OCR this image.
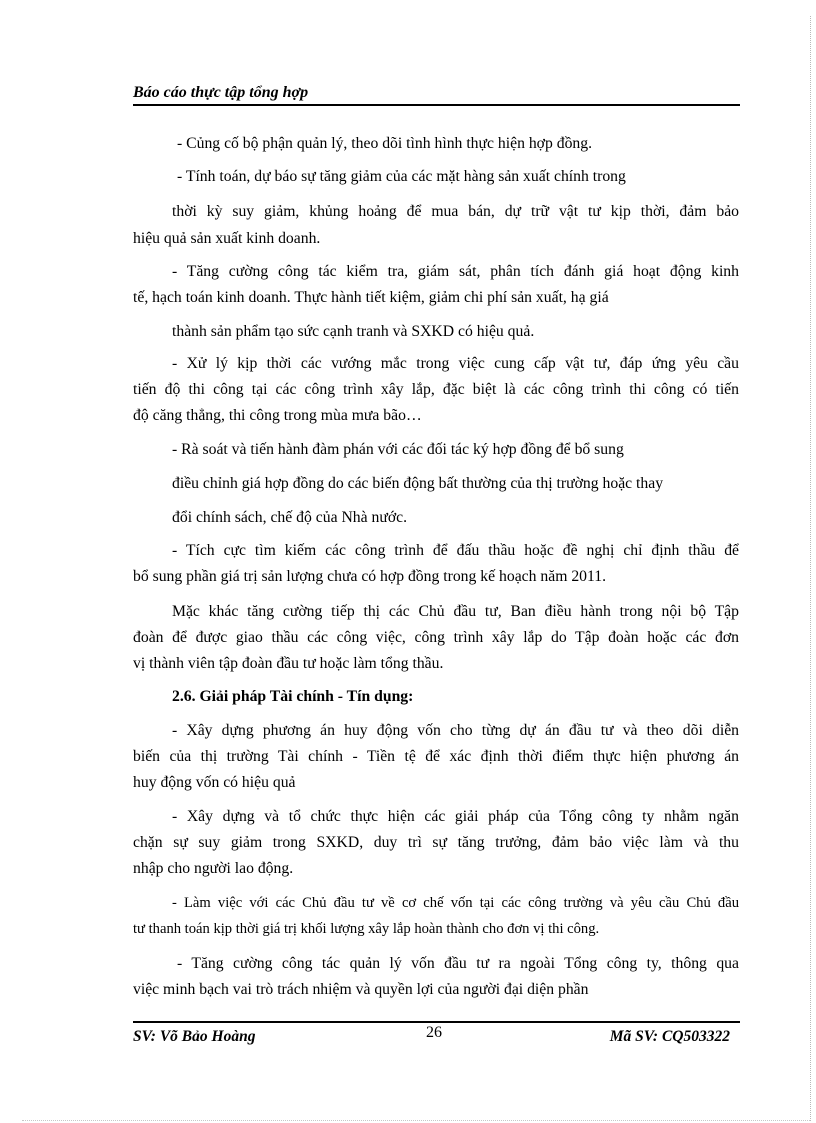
Báo cáo thực tập tổng hợp
- Củng cố bộ phận quản lý, theo dõi tình hình thực hiện hợp đồng.
- Tính toán, dự báo sự tăng giảm của các mặt hàng sản xuất chính trong
thời kỳ suy giảm, khủng hoảng để mua bán, dự trữ vật tư kịp thời, đảm bảo
hiệu quả sản xuất kinh doanh.
- Tăng cường công tác kiểm tra, giám sát, phân tích đánh giá hoạt động kinh
tế, hạch toán kinh doanh. Thực hành tiết kiệm, giảm chi phí sản xuất, hạ giá
thành sản phẩm tạo sức cạnh tranh và SXKD có hiệu quả.
- Xử lý kịp thời các vướng mắc trong việc cung cấp vật tư, đáp ứng yêu cầu
tiến độ thi công tại các công trình xây lắp, đặc biệt là các công trình thi công có tiến
độ căng thẳng, thi công trong mùa mưa bão…
- Rà soát và tiến hành đàm phán với các đối tác ký hợp đồng để bổ sung
điều chỉnh giá hợp đồng do các biến động bất thường của thị trường hoặc thay
đổi chính sách, chế độ của Nhà nước.
- Tích cực tìm kiếm các công trình để đấu thầu hoặc đề nghị chỉ định thầu để
bổ sung phần giá trị sản lượng chưa có hợp đồng trong kế hoạch năm 2011.
Mặc khác tăng cường tiếp thị các Chủ đầu tư, Ban điều hành trong nội bộ Tập
đoàn để được giao thầu các công việc, công trình xây lắp do Tập đoàn hoặc các đơn
vị thành viên tập đoàn đầu tư hoặc làm tổng thầu.
2.6. Giải pháp Tài chính - Tín dụng:
- Xây dựng phương án huy động vốn cho từng dự án đầu tư và theo dõi diễn
biến của thị trường Tài chính - Tiền tệ để xác định thời điểm thực hiện phương án
huy động vốn có hiệu quả
- Xây dựng và tổ chức thực hiện các giải pháp của Tổng công ty nhằm ngăn
chặn sự suy giảm trong SXKD, duy trì sự tăng trưởng, đảm bảo việc làm và thu
nhập cho người lao động.
- Làm việc với các Chủ đầu tư về cơ chế vốn tại các công trường và yêu cầu Chủ đầu
tư thanh toán kịp thời giá trị khối lượng xây lắp hoàn thành cho đơn vị thi công.
- Tăng cường công tác quản lý vốn đầu tư ra ngoài Tổng công ty, thông qua
việc minh bạch vai trò trách nhiệm và quyền lợi của người đại diện phần
SV: Võ Bảo Hoàng	26	Mã SV: CQ503322
